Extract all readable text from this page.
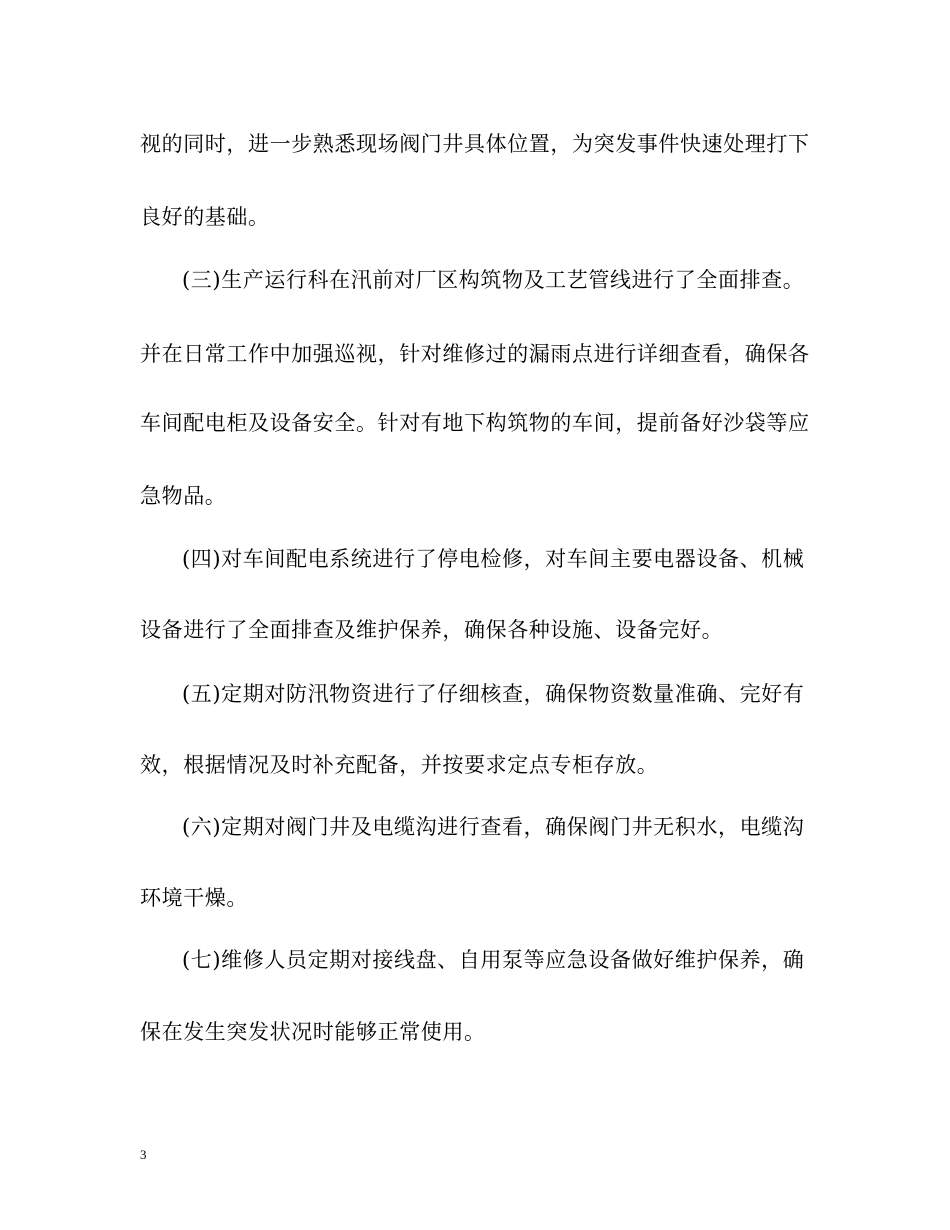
视的同时，进一步熟悉现场阀门井具体位置，为突发事件快速处理打下
良好的基础。
(三)生产运行科在汛前对厂区构筑物及工艺管线进行了全面排查。
并在日常工作中加强巡视，针对维修过的漏雨点进行详细查看，确保各
车间配电柜及设备安全。针对有地下构筑物的车间，提前备好沙袋等应
急物品。
(四)对车间配电系统进行了停电检修，对车间主要电器设备、机械
设备进行了全面排查及维护保养，确保各种设施、设备完好。
(五)定期对防汛物资进行了仔细核查，确保物资数量准确、完好有
效，根据情况及时补充配备，并按要求定点专柜存放。
(六)定期对阀门井及电缆沟进行查看，确保阀门井无积水，电缆沟
环境干燥。
(七)维修人员定期对接线盘、自用泵等应急设备做好维护保养，确
保在发生突发状况时能够正常使用。
3
